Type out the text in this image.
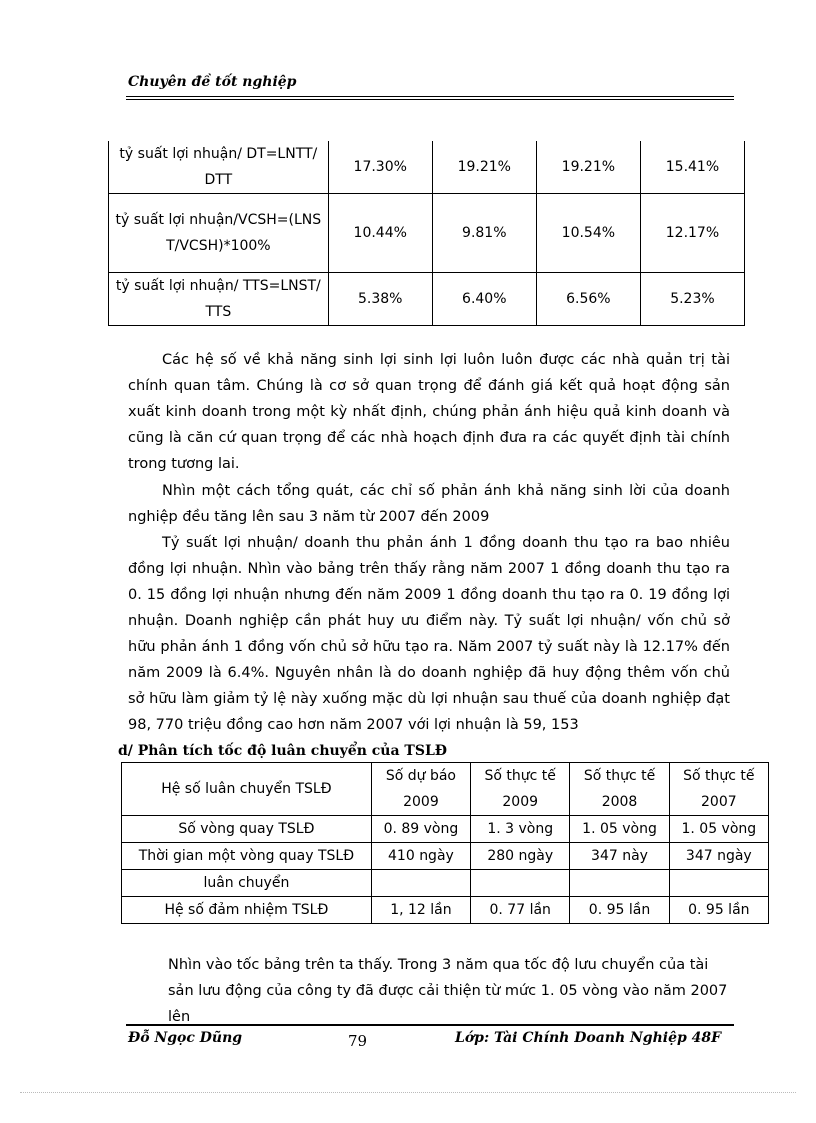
Chuyên đề tốt nghiệp
tỷ suất lợi nhuận/ DT=LNTT/ DTT	17.30%	19.21%	19.21%	15.41%
tỷ suất lợi nhuận/VCSH=(LNST/VCSH)*100%	10.44%	9.81%	10.54%	12.17%
tỷ suất lợi nhuận/ TTS=LNST/ TTS	5.38%	6.40%	6.56%	5.23%

Các hệ số về khả năng sinh lợi sinh lợi luôn luôn được các nhà quản trị tài chính quan tâm. Chúng là cơ sở quan trọng để đánh giá kết quả hoạt động sản xuất kinh doanh trong một kỳ nhất định, chúng phản ánh hiệu quả kinh doanh và cũng là căn cứ quan trọng để các nhà hoạch định đưa ra các quyết định tài chính trong tương lai.

Nhìn một cách tổng quát, các chỉ số phản ánh khả năng sinh lời của doanh nghiệp đều tăng lên sau 3 năm từ 2007 đến 2009

Tỷ suất lợi nhuận/ doanh thu phản ánh 1 đồng doanh thu tạo ra bao nhiêu đồng lợi nhuận. Nhìn vào bảng trên thấy rằng năm 2007 1 đồng doanh thu tạo ra 0. 15 đồng lợi nhuận nhưng đến năm 2009 1 đồng doanh thu tạo ra 0. 19 đồng lợi nhuận. Doanh nghiệp cần phát huy ưu điểm này. Tỷ suất lợi nhuận/ vốn chủ sở hữu phản ánh 1 đồng vốn chủ sở hữu tạo ra. Năm 2007 tỷ suất này là 12.17% đến năm 2009 là 6.4%. Nguyên nhân là do doanh nghiệp đã huy động thêm vốn chủ sở hữu làm giảm tỷ lệ này xuống mặc dù lợi nhuận sau thuế của doanh nghiệp đạt 98, 770 triệu đồng cao hơn năm 2007 với lợi nhuận là 59, 153

d/ Phân tích tốc độ luân chuyển của TSLĐ
Hệ số luân chuyển TSLĐ	Số dự báo 2009	Số thực tế 2009	Số thực tế 2008	Số thực tế 2007
Số vòng quay TSLĐ	0. 89 vòng	1. 3 vòng	1. 05 vòng	1. 05 vòng
Thời gian một vòng quay TSLĐ	410 ngày	280 ngày	347 này	347 ngày
luân chuyển				
Hệ số đảm nhiệm TSLĐ	1, 12 lần	0. 77 lần	0. 95 lần	0. 95 lần

Nhìn vào tốc bảng trên ta thấy. Trong 3 năm qua tốc độ lưu chuyển của tài sản lưu động của công ty đã được cải thiện từ mức 1. 05 vòng vào năm 2007 lên

Đỗ Ngọc Dũng	79	Lớp: Tài Chính Doanh Nghiệp 48F
